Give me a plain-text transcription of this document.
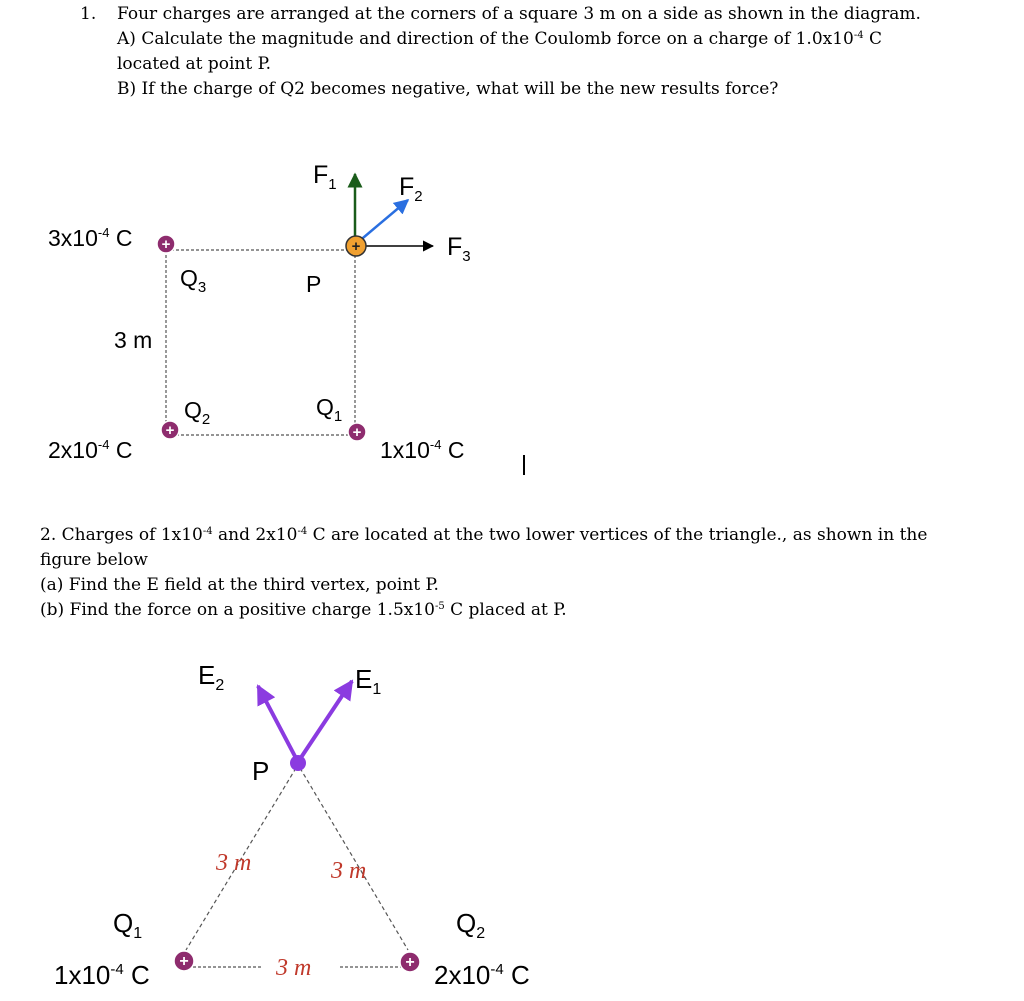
1.	Four charges are arranged at the corners of a square 3 m on a side as shown in the diagram.

A) Calculate the magnitude and direction of the Coulomb force on a charge of $1.0x10^{-4}$ C

located at point P.

B) If the charge of Q2 becomes negative, what will be the new results force?

2. Charges of $1x10^{-4}$ and $2x10^{-4}$ C are located at the two lower vertices of the triangle., as shown in the

figure below

(a) Find the E field at the third vertex, point P.

(b) Find the force on a positive charge $1.5x10^{-5}$ C placed at P.

+	+
+	+
$3x10^{-4}$ C
$2x10^{-4}$ C	$1x10^{-4}$ C
$Q_3$
$Q_2$	$Q_1$
P
3 m
$F_1$ $F_2$
$F_3$
+	+
$E_2$	$E_1$
P
3 m	3 m
3 m
$Q_1$	$Q_2$
$1x10^{-4}$ C	$2x10^{-4}$ C
